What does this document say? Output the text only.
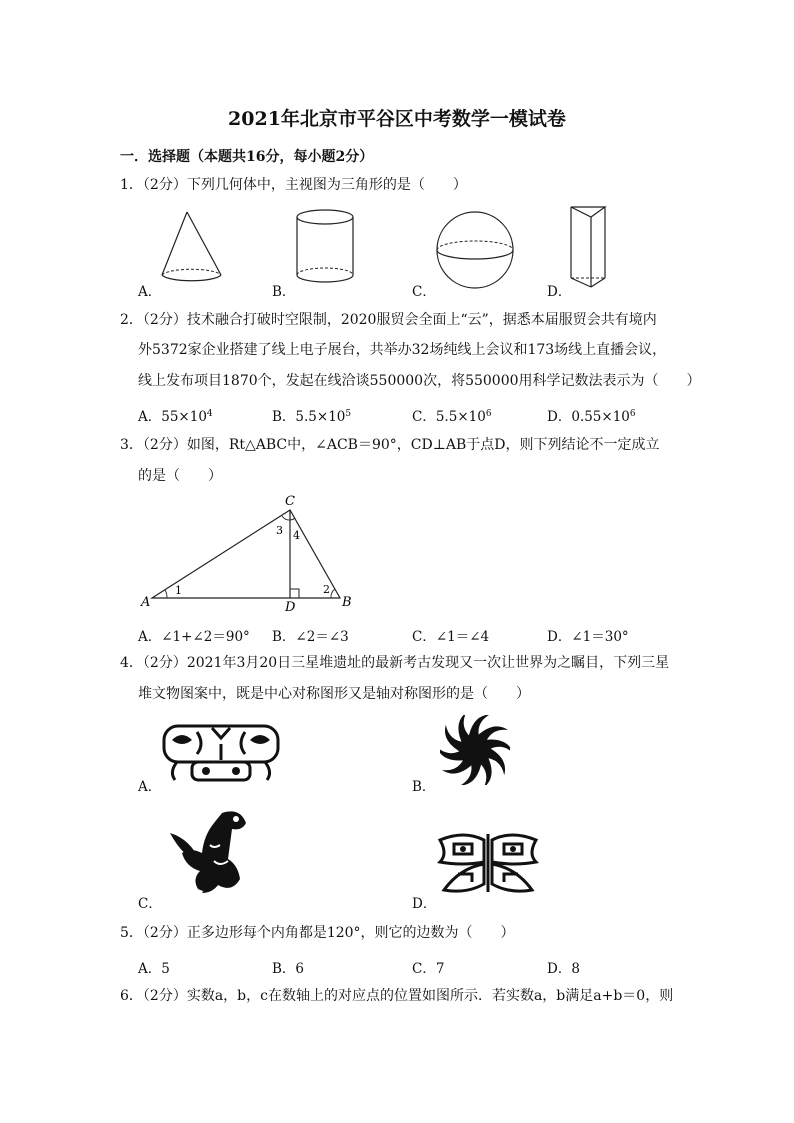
2021年北京市平谷区中考数学一模试卷
一．选择题（本题共16分，每小题2分）
1．（2分）下列几何体中，主视图为三角形的是（　　）
A．	B．	C．	D．
2．（2分）技术融合打破时空限制，2020服贸会全面上“云”，据悉本届服贸会共有境内
外5372家企业搭建了线上电子展台，共举办32场纯线上会议和173场线上直播会议，
线上发布项目1870个，发起在线洽谈550000次，将550000用科学记数法表示为（　　）
A．$55\times 10^4$	B．$5.5\times 10^5$	C．$5.5\times 10^6$	D．$0.55\times 10^6$
3．（2分）如图，Rt△ABC中，∠ACB＝90°，CD⊥AB于点D，则下列结论不一定成立
的是（　　）
C
A	B
D
1	2
3 4
A．∠1+∠2＝90° B．∠2＝∠3	C．∠1＝∠4	D．∠1＝30°
4．（2分）2021年3月20日三星堆遗址的最新考古发现又一次让世界为之瞩目，下列三星
堆文物图案中，既是中心对称图形又是轴对称图形的是（　　）
A．	B．
C．	D．
5．（2分）正多边形每个内角都是120°，则它的边数为（　　）
A．5	B．6	C．7	D．8
6．（2分）实数a，b，c在数轴上的对应点的位置如图所示．若实数a，b满足a+b＝0，则
